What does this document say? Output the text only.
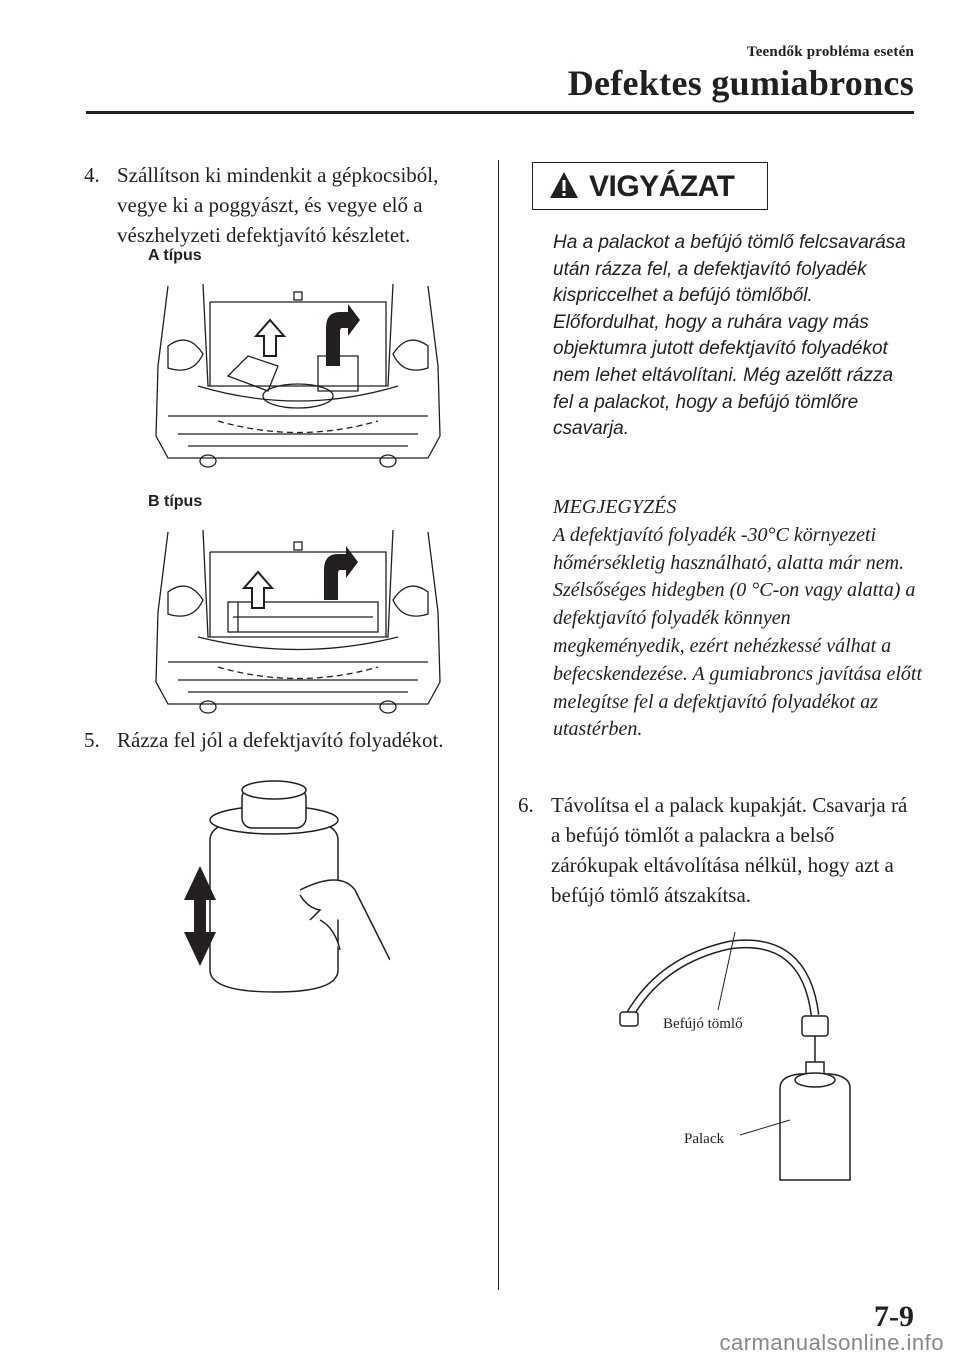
Teendők probléma esetén
Defektes gumiabroncs
4. Szállítson ki mindenkit a gépkocsiból, vegye ki a poggyászt, és vegye elő a vészhelyzeti defektjavító készletet.
A típus
B típus
5. Rázza fel jól a defektjavító folyadékot.
VIGYÁZAT
Ha a palackot a befújó tömlő felcsavarása után rázza fel, a defektjavító folyadék kispriccelhet a befújó tömlőből. Előfordulhat, hogy a ruhára vagy más objektumra jutott defektjavító folyadékot nem lehet eltávolítani. Még azelőtt rázza fel a palackot, hogy a befújó tömlőre csavarja.
MEGJEGYZÉS
A defektjavító folyadék -30°C környezeti hőmérsékletig használható, alatta már nem.
Szélsőséges hidegben (0 °C-on vagy alatta) a defektjavító folyadék könnyen megkeményedik, ezért nehézkessé válhat a befecskendezése. A gumiabroncs javítása előtt melegítse fel a defektjavító folyadékot az utastérben.
6. Távolítsa el a palack kupakját. Csavarja rá a befújó tömlőt a palackra a belső zárókupak eltávolítása nélkül, hogy azt a befújó tömlő átszakítsa.
Befújó tömlő
Palack
7-9
carmanualsonline.info
